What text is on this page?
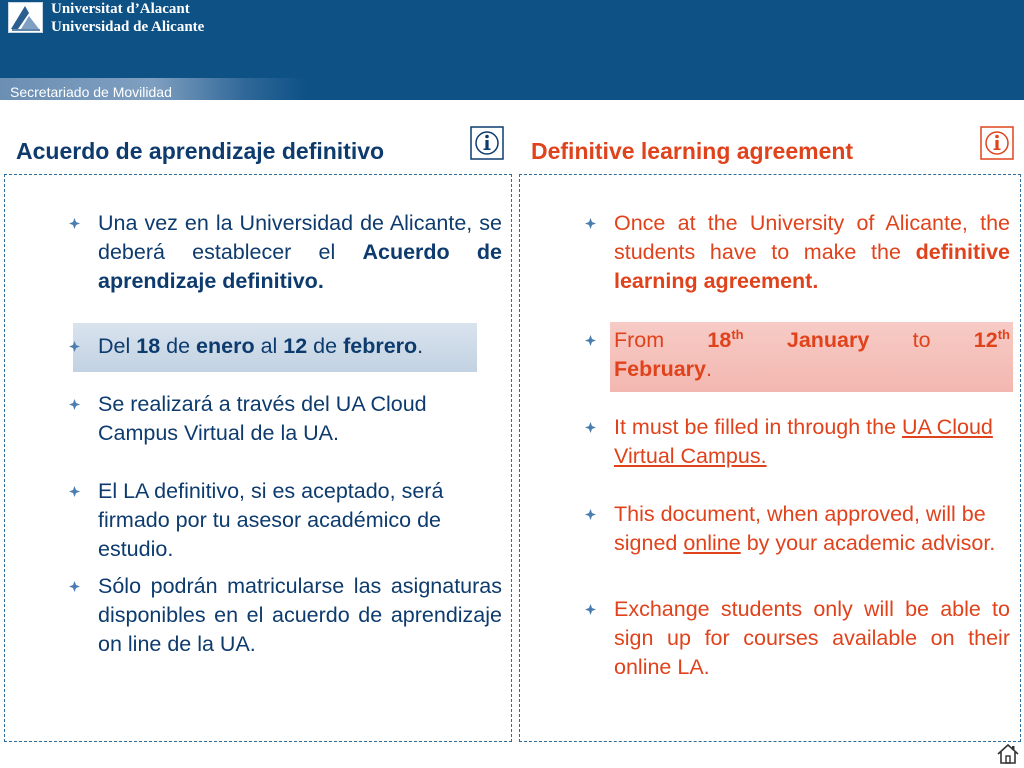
Universitat d’Alacant
Universidad de Alicante
Secretariado de Movilidad
Acuerdo de aprendizaje definitivo	Definitive learning agreement
Una vez en la Universidad de Alicante, se deberá establecer el Acuerdo de aprendizaje definitivo.
Del 18 de enero al 12 de febrero.
Se realizará a través del UA Cloud Campus Virtual de la UA.
El LA definitivo, si es aceptado, será firmado por tu asesor académico de estudio.
Sólo podrán matricularse las asignaturas disponibles en el acuerdo de aprendizaje on line de la UA.
Once at the University of Alicante, the students have to make the definitive learning agreement.
From 18th January to 12th
February.
It must be filled in through the UA Cloud Virtual Campus.
This document, when approved, will be signed online by your academic advisor.
Exchange students only will be able to sign up for courses available on their online LA.
